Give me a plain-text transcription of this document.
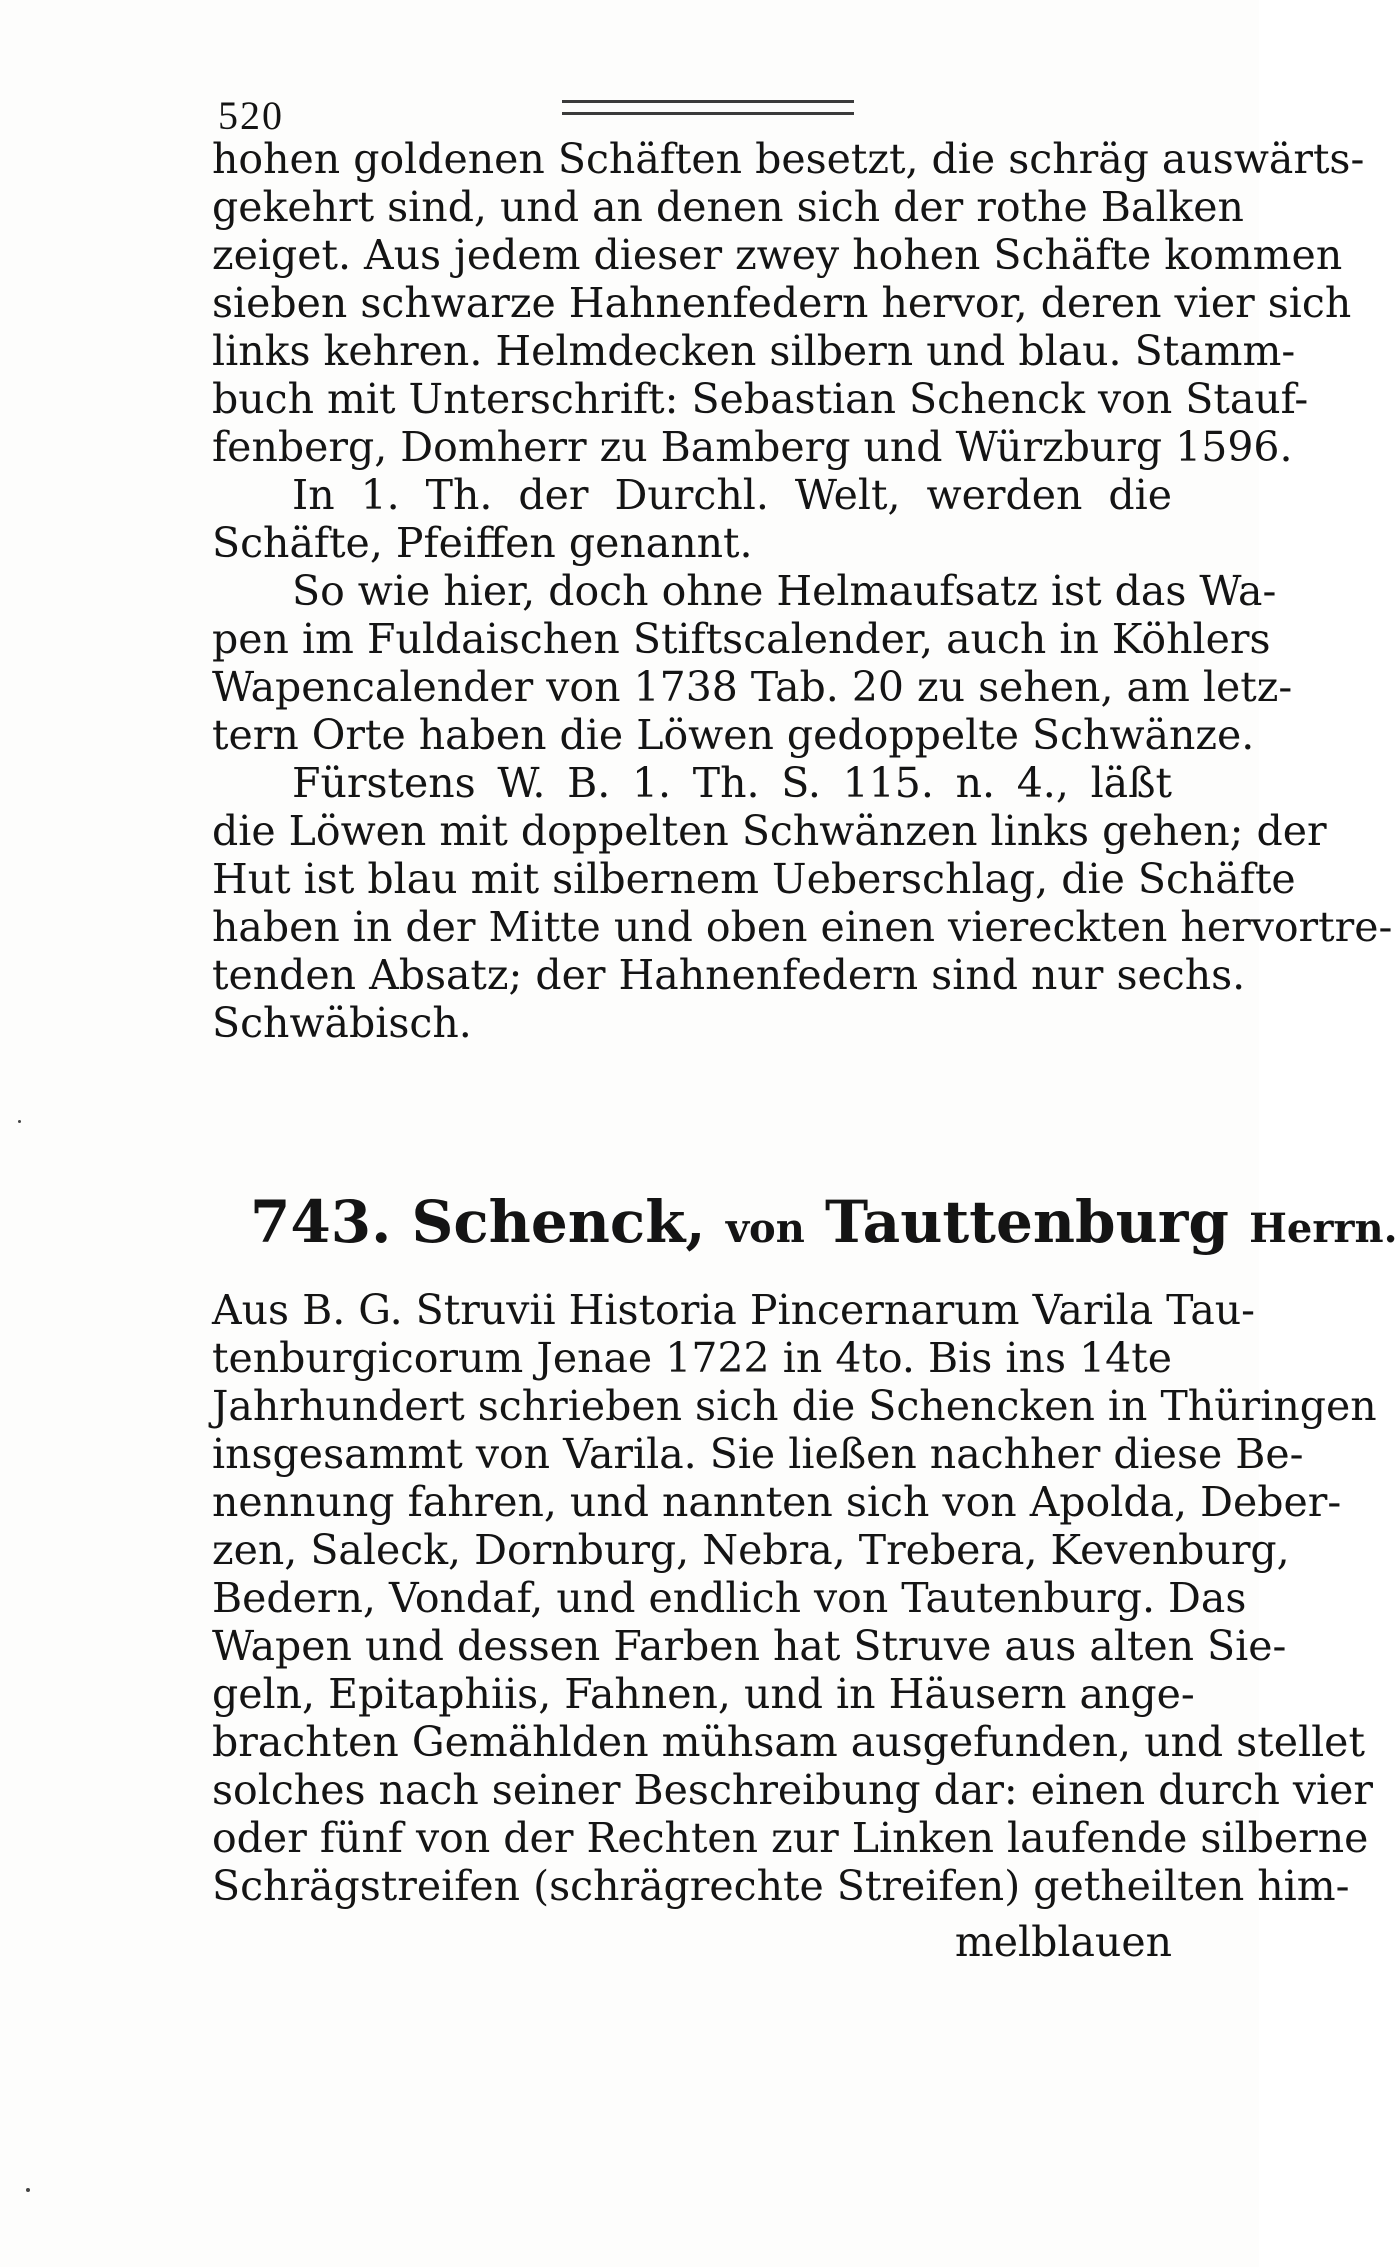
520
hohen goldenen Schäften besetzt, die schräg auswärts-
gekehrt sind, und an denen sich der rothe Balken
zeiget. Aus jedem dieser zwey hohen Schäfte kommen
sieben schwarze Hahnenfedern hervor, deren vier sich
links kehren. Helmdecken silbern und blau. Stamm-
buch mit Unterschrift: Sebastian Schenck von Stauf-
fenberg, Domherr zu Bamberg und Würzburg 1596.
In 1. Th. der Durchl. Welt, werden die
Schäfte, Pfeiffen genannt.
So wie hier, doch ohne Helmaufsatz ist das Wa-
pen im Fuldaischen Stiftscalender, auch in Köhlers
Wapencalender von 1738 Tab. 20 zu sehen, am letz-
tern Orte haben die Löwen gedoppelte Schwänze.
Fürstens W. B. 1. Th. S. 115. n. 4., läßt
die Löwen mit doppelten Schwänzen links gehen; der
Hut ist blau mit silbernem Ueberschlag, die Schäfte
haben in der Mitte und oben einen viereckten hervortre-
tenden Absatz; der Hahnenfedern sind nur sechs.
Schwäbisch.
743. Schenck, von Tauttenburg Herrn.
Aus B. G. Struvii Historia Pincernarum Varila Tau-
tenburgicorum Jenae 1722 in 4to. Bis ins 14te
Jahrhundert schrieben sich die Schencken in Thüringen
insgesammt von Varila. Sie ließen nachher diese Be-
nennung fahren, und nannten sich von Apolda, Deber-
zen, Saleck, Dornburg, Nebra, Trebera, Kevenburg,
Bedern, Vondaf, und endlich von Tautenburg. Das
Wapen und dessen Farben hat Struve aus alten Sie-
geln, Epitaphiis, Fahnen, und in Häusern ange-
brachten Gemählden mühsam ausgefunden, und stellet
solches nach seiner Beschreibung dar: einen durch vier
oder fünf von der Rechten zur Linken laufende silberne
Schrägstreifen (schrägrechte Streifen) getheilten him-
melblauen
